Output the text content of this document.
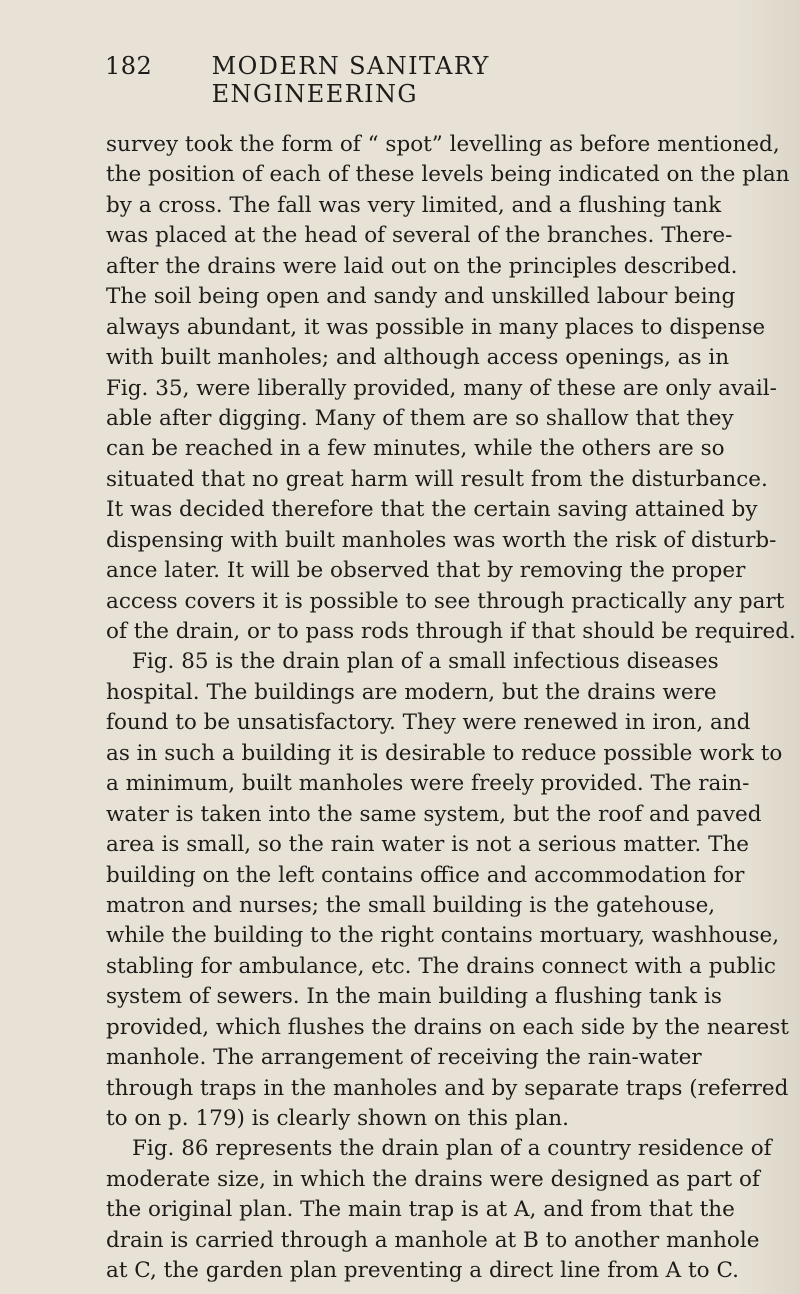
182	MODERN SANITARY ENGINEERING
survey took the form of “ spot” levelling as before mentioned,
the position of each of these levels being indicated on the plan
by a cross. The fall was very limited, and a flushing tank
was placed at the head of several of the branches. There-
after the drains were laid out on the principles described.
The soil being open and sandy and unskilled labour being
always abundant, it was possible in many places to dispense
with built manholes; and although access openings, as in
Fig. 35, were liberally provided, many of these are only avail-
able after digging. Many of them are so shallow that they
can be reached in a few minutes, while the others are so
situated that no great harm will result from the disturbance.
It was decided therefore that the certain saving attained by
dispensing with built manholes was worth the risk of disturb-
ance later. It will be observed that by removing the proper
access covers it is possible to see through practically any part
of the drain, or to pass rods through if that should be required.
Fig. 85 is the drain plan of a small infectious diseases
hospital. The buildings are modern, but the drains were
found to be unsatisfactory. They were renewed in iron, and
as in such a building it is desirable to reduce possible work to
a minimum, built manholes were freely provided. The rain-
water is taken into the same system, but the roof and paved
area is small, so the rain water is not a serious matter. The
building on the left contains office and accommodation for
matron and nurses; the small building is the gatehouse,
while the building to the right contains mortuary, washhouse,
stabling for ambulance, etc. The drains connect with a public
system of sewers. In the main building a flushing tank is
provided, which flushes the drains on each side by the nearest
manhole. The arrangement of receiving the rain-water
through traps in the manholes and by separate traps (referred
to on p. 179) is clearly shown on this plan.
Fig. 86 represents the drain plan of a country residence of
moderate size, in which the drains were designed as part of
the original plan. The main trap is at A, and from that the
drain is carried through a manhole at B to another manhole
at C, the garden plan preventing a direct line from A to C.
